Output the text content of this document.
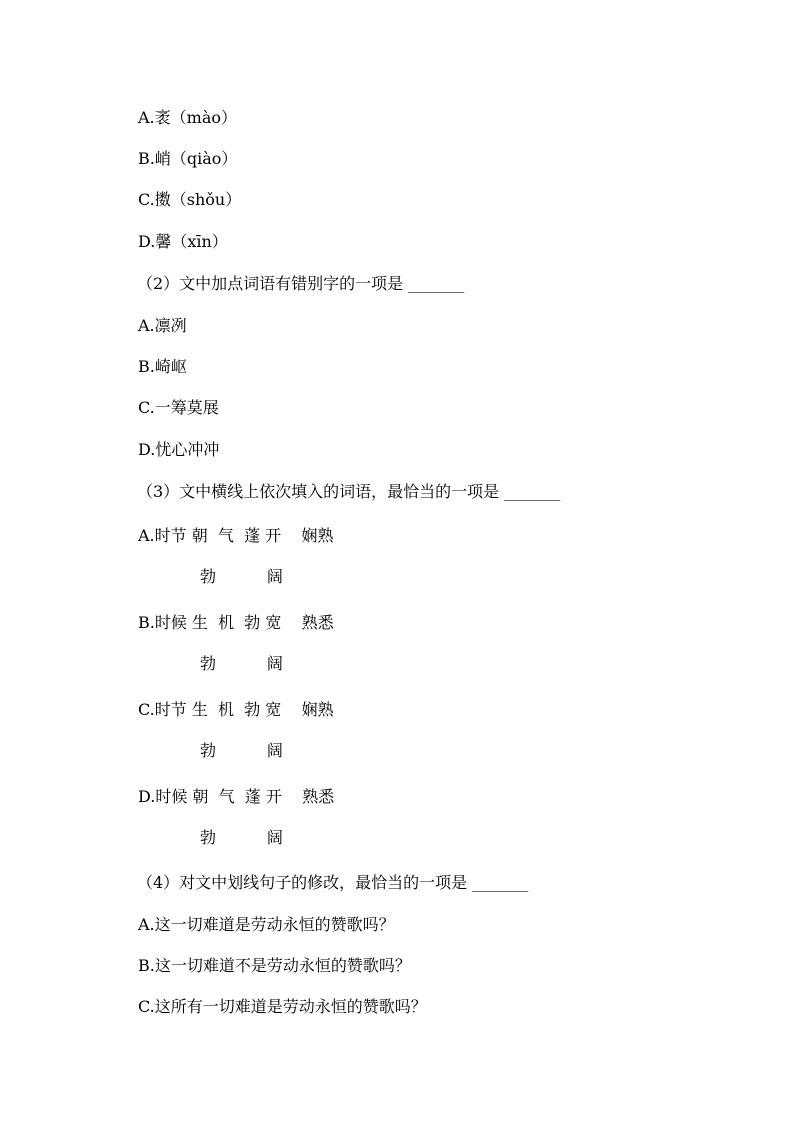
A.袤（mào）
B.峭（qiào）
C.擞（shǒu）
D.馨（xīn）
（2）文中加点词语有错别字的一项是 _______
A.凛冽
B.崎岖
C.一筹莫展
D.忧心冲冲
（3）文中横线上依次填入的词语，最恰当的一项是 _______
A.时节 朝  气  蓬 开    娴熟
勃          阔
B.时候 生  机  勃 宽    熟悉
勃          阔
C.时节 生  机  勃 宽    娴熟
勃          阔
D.时候 朝  气  蓬 开    熟悉
勃          阔
（4）对文中划线句子的修改，最恰当的一项是 _______
A.这一切难道是劳动永恒的赞歌吗？
B.这一切难道不是劳动永恒的赞歌吗？
C.这所有一切难道是劳动永恒的赞歌吗？
